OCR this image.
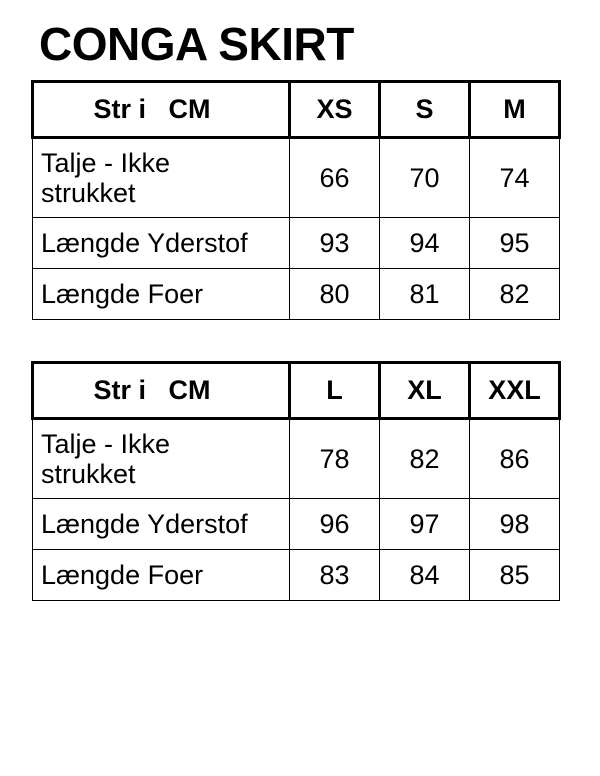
CONGA SKIRT
Str i   CM	XS	S	M

Talje - Ikke
strukket	66	70	74
Længde Yderstof	93	94	95
Længde Foer	80	81	82
Str i   CM	L	XL	XXL

Talje - Ikke
strukket	78	82	86
Længde Yderstof	96	97	98
Længde Foer	83	84	85
